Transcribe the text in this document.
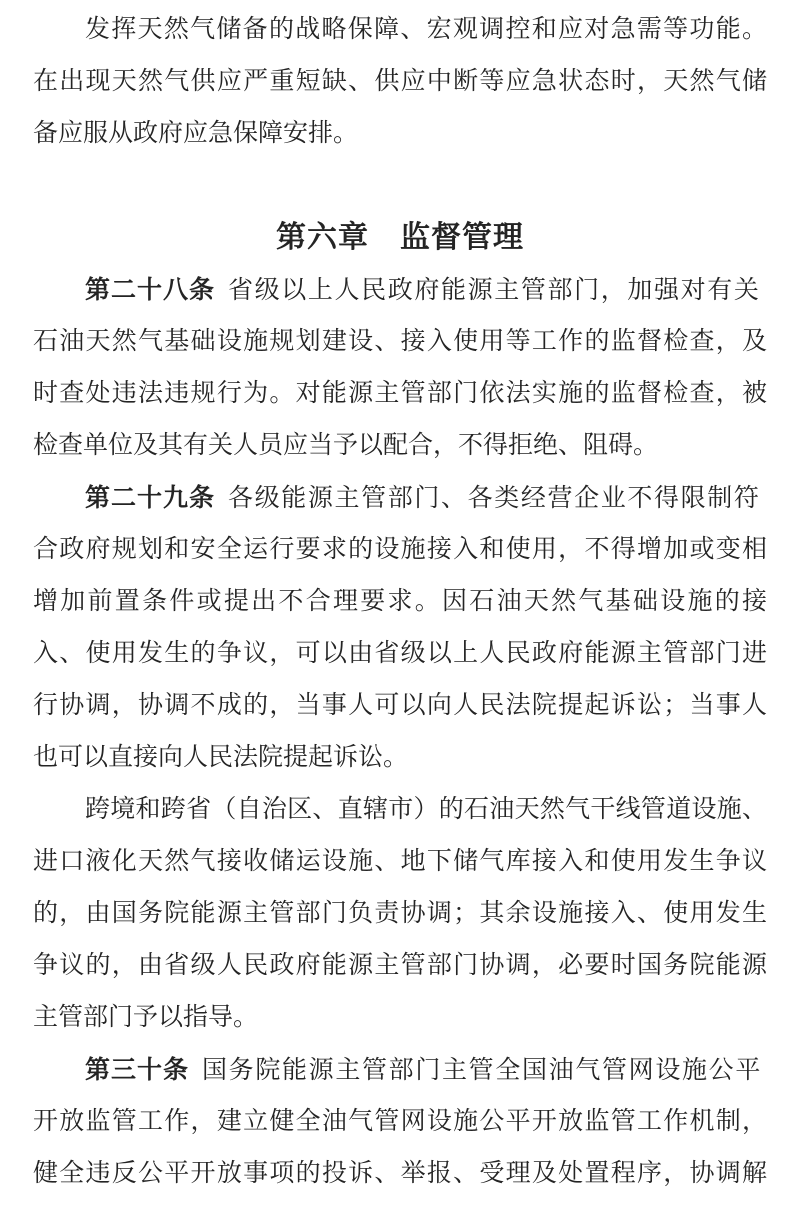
发挥天然气储备的战略保障、宏观调控和应对急需等功能。
在出现天然气供应严重短缺、供应中断等应急状态时，天然气储
备应服从政府应急保障安排。
第六章　监督管理
第二十八条 省级以上人民政府能源主管部门，加强对有关
石油天然气基础设施规划建设、接入使用等工作的监督检查，及
时查处违法违规行为。对能源主管部门依法实施的监督检查，被
检查单位及其有关人员应当予以配合，不得拒绝、阻碍。
第二十九条 各级能源主管部门、各类经营企业不得限制符
合政府规划和安全运行要求的设施接入和使用，不得增加或变相
增加前置条件或提出不合理要求。因石油天然气基础设施的接
入、使用发生的争议，可以由省级以上人民政府能源主管部门进
行协调，协调不成的，当事人可以向人民法院提起诉讼；当事人
也可以直接向人民法院提起诉讼。
跨境和跨省（自治区、直辖市）的石油天然气干线管道设施、
进口液化天然气接收储运设施、地下储气库接入和使用发生争议
的，由国务院能源主管部门负责协调；其余设施接入、使用发生
争议的，由省级人民政府能源主管部门协调，必要时国务院能源
主管部门予以指导。
第三十条 国务院能源主管部门主管全国油气管网设施公平
开放监管工作，建立健全油气管网设施公平开放监管工作机制，
健全违反公平开放事项的投诉、举报、受理及处置程序，协调解
